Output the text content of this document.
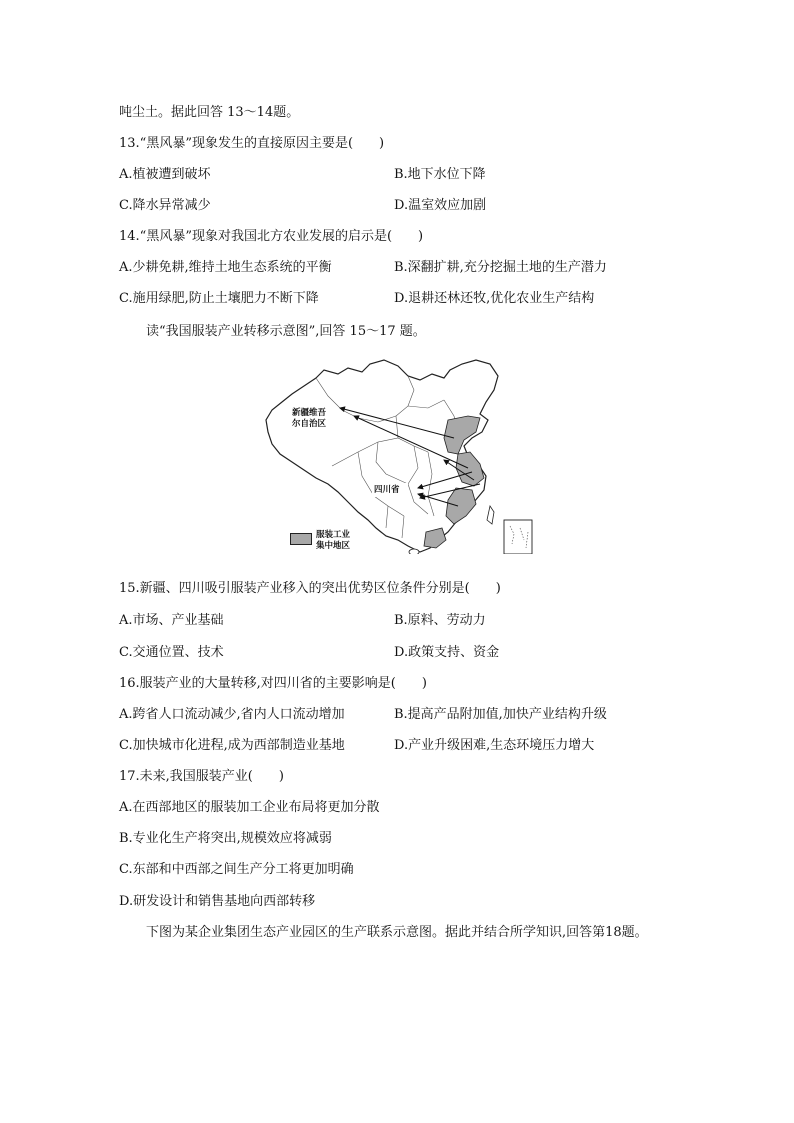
吨尘土。据此回答 13～14题。
13.“黑风暴”现象发生的直接原因主要是(　　)
A.植被遭到破坏	B.地下水位下降
C.降水异常减少	D.温室效应加剧
14.“黑风暴”现象对我国北方农业发展的启示是(　　)
A.少耕免耕,维持土地生态系统的平衡	B.深翻扩耕,充分挖掘土地的生产潜力
C.施用绿肥,防止土壤肥力不断下降	D.退耕还林还牧,优化农业生产结构
读“我国服装产业转移示意图”,回答 15～17 题。
新疆维吾
尔自治区
四川省
服装工业
集中地区
15.新疆、四川吸引服装产业移入的突出优势区位条件分别是(　　)
A.市场、产业基础	B.原料、劳动力
C.交通位置、技术	D.政策支持、资金
16.服装产业的大量转移,对四川省的主要影响是(　　)
A.跨省人口流动减少,省内人口流动增加	B.提高产品附加值,加快产业结构升级
C.加快城市化进程,成为西部制造业基地	D.产业升级困难,生态环境压力增大
17.未来,我国服装产业(　　)
A.在西部地区的服装加工企业布局将更加分散
B.专业化生产将突出,规模效应将减弱
C.东部和中西部之间生产分工将更加明确
D.研发设计和销售基地向西部转移
下图为某企业集团生态产业园区的生产联系示意图。据此并结合所学知识,回答第18题。
